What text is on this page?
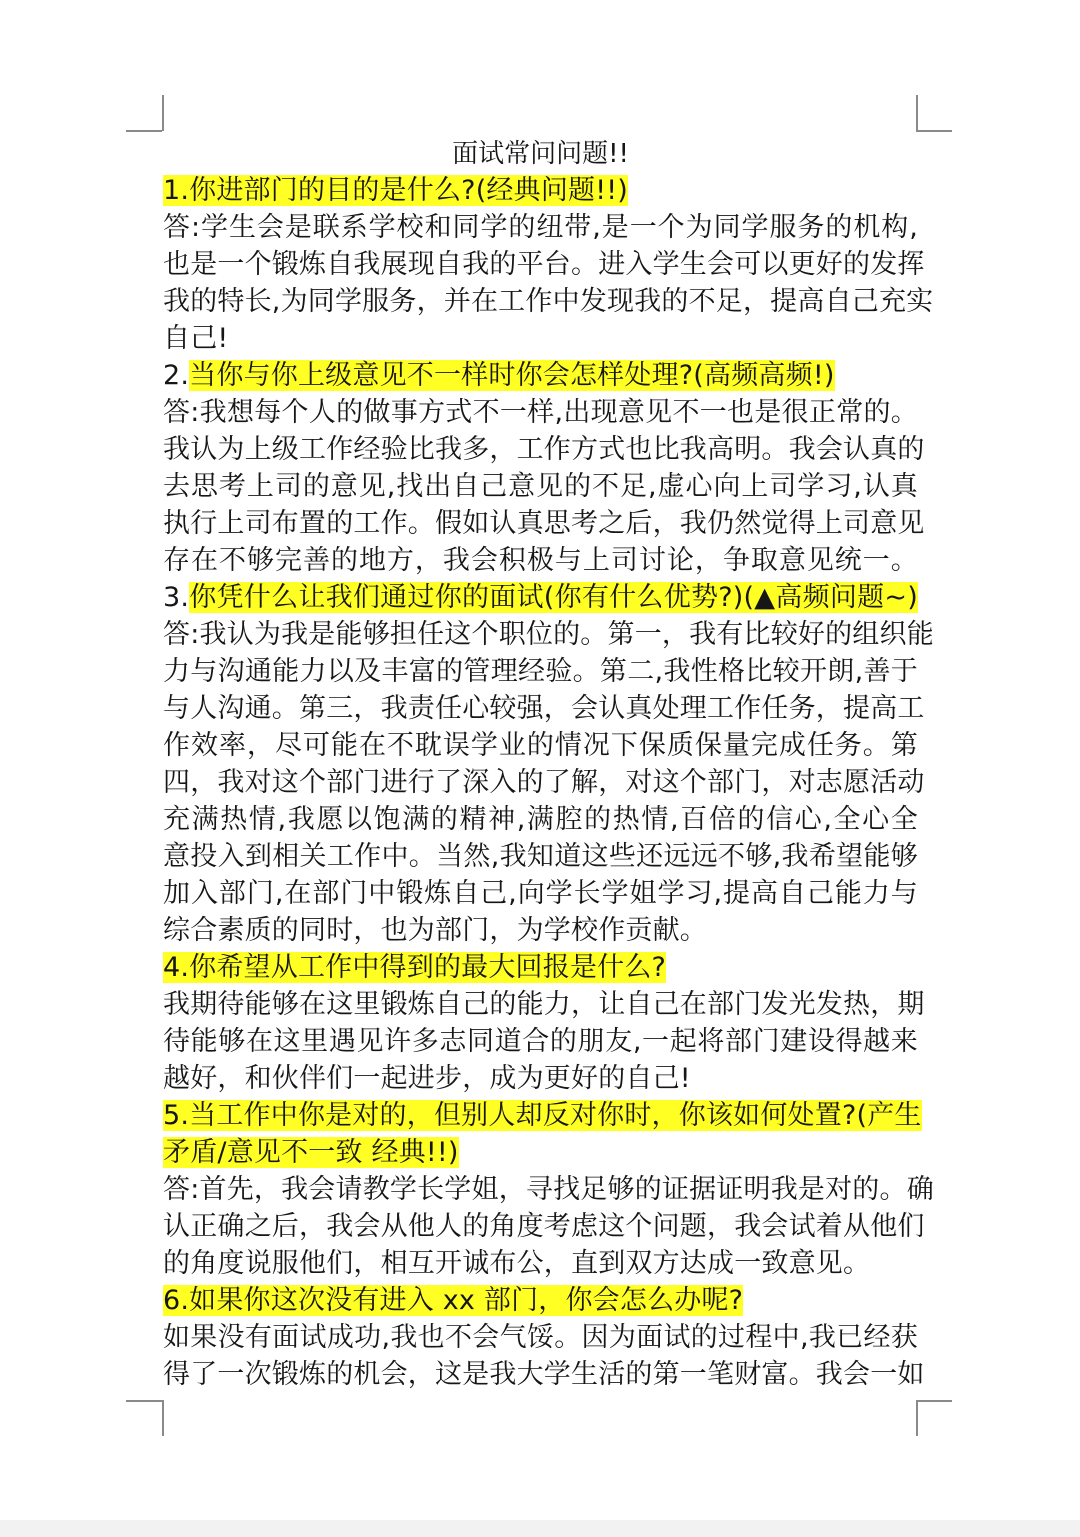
面试常问问题!!
1.你进部门的目的是什么?(经典问题!!)
答:学生会是联系学校和同学的纽带,是一个为同学服务的机构,
也是一个锻炼自我展现自我的平台。进入学生会可以更好的发挥
我的特长,为同学服务，并在工作中发现我的不足，提高自己充实
自己!
2.当你与你上级意见不一样时你会怎样处理?(高频高频!)
答:我想每个人的做事方式不一样,出现意见不一也是很正常的。
我认为上级工作经验比我多，工作方式也比我高明。我会认真的
去思考上司的意见,找出自己意见的不足,虚心向上司学习,认真
执行上司布置的工作。假如认真思考之后，我仍然觉得上司意见
存在不够完善的地方，我会积极与上司讨论，争取意见统一。
3.你凭什么让我们通过你的面试(你有什么优势?)(▲高频问题~)
答:我认为我是能够担任这个职位的。第一，我有比较好的组织能
力与沟通能力以及丰富的管理经验。第二,我性格比较开朗,善于
与人沟通。第三，我责任心较强，会认真处理工作任务，提高工
作效率，尽可能在不耽误学业的情况下保质保量完成任务。第
四，我对这个部门进行了深入的了解，对这个部门，对志愿活动
充满热情,我愿以饱满的精神,满腔的热情,百倍的信心,全心全
意投入到相关工作中。当然,我知道这些还远远不够,我希望能够
加入部门,在部门中锻炼自己,向学长学姐学习,提高自己能力与
综合素质的同时，也为部门，为学校作贡献。
4.你希望从工作中得到的最大回报是什么?
我期待能够在这里锻炼自己的能力，让自己在部门发光发热，期
待能够在这里遇见许多志同道合的朋友,一起将部门建设得越来
越好，和伙伴们一起进步，成为更好的自己!
5.当工作中你是对的，但别人却反对你时，你该如何处置?(产生
矛盾/意见不一致 经典!!)
答:首先，我会请教学长学姐，寻找足够的证据证明我是对的。确
认正确之后，我会从他人的角度考虑这个问题，我会试着从他们
的角度说服他们，相互开诚布公，直到双方达成一致意见。
6.如果你这次没有进入 xx 部门，你会怎么办呢?
如果没有面试成功,我也不会气馁。因为面试的过程中,我已经获
得了一次锻炼的机会，这是我大学生活的第一笔财富。我会一如
